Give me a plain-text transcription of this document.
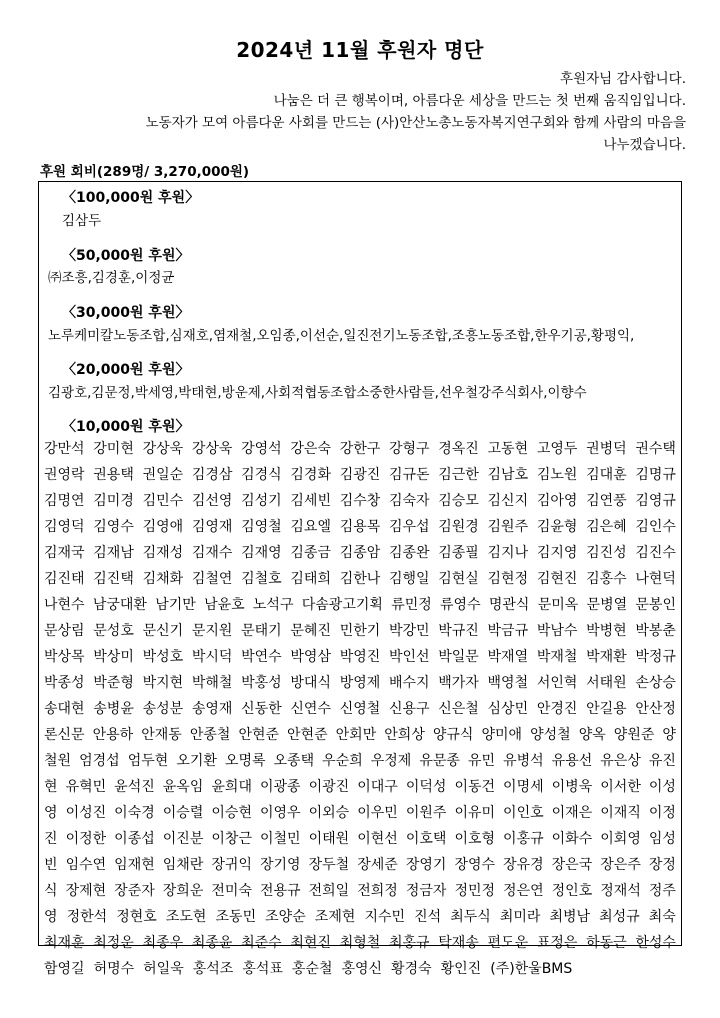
2024년 11월 후원자 명단
후원자님 감사합니다.
나눔은 더 큰 행복이며, 아름다운 세상을 만드는 첫 번째 움직임입니다.
노동자가 모여 아름다운 사회를 만드는 (사)안산노총노동자복지연구회와 함께 사람의 마음을
나누겠습니다.
후원 회비(289명/ 3,270,000원)
〈100,000원 후원〉
김삼두
〈50,000원 후원〉
㈜조흥,김경훈,이정균
〈30,000원 후원〉
노루케미칼노동조합,심재호,염재철,오임종,이선순,일진전기노동조합,조흥노동조합,한우기공,황평익,
〈20,000원 후원〉
김광호,김문정,박세영,박태현,방운제,사회적협동조합소중한사람들,선우철강주식회사,이향수
〈10,000원 후원〉
강만석 강미현 강상욱 강상욱 강영석 강은숙 강한구 강형구 경옥진 고동현 고영두 권병덕 권수택
권영락 권용택 권일순 김경삼 김경식 김경화 김광진 김규돈 김근한 김남호 김노원 김대훈 김명규
김명연 김미경 김민수 김선영 김성기 김세빈 김수창 김숙자 김승모 김신지 김아영 김연풍 김영규
김영덕 김영수 김영애 김영재 김영철 김요엘 김용목 김우섭 김원경 김원주 김윤형 김은혜 김인수
김재국 김재남 김재성 김재수 김재영 김종금 김종암 김종완 김종필 김지나 김지영 김진성 김진수
김진태 김진택 김채화 김철연 김철호 김태희 김한나 김행일 김현실 김현정 김현진 김홍수 나현덕
나현수 남궁대환 남기만 남윤호 노석구 다솜광고기획 류민정 류영수 명관식 문미옥 문병열 문봉인
문상림 문성호 문신기 문지원 문태기 문혜진 민한기 박강민 박규진 박금규 박남수 박병현 박봉춘
박상목 박상미 박성호 박시덕 박연수 박영삼 박영진 박인선 박일문 박재열 박재철 박재환 박정규
박종성 박준형 박지현 박해철 박홍성 방대식 방영제 배수지 백가자 백영철 서인혁 서태원 손상승
송대현 송병윤 송성분 송영재 신동한 신연수 신영철 신용구 신은철 심상민 안경진 안길용 안산정
론신문 안용하 안재동 안종철 안현준 안현준 안회만 안희상 양규식 양미애 양성철 양옥 양원준 양
철원 엄경섭 엄두현 오기환 오명록 오종택 우순희 우정제 유문종 유민 유병석 유용선 유은상 유진
현 유혁민 윤석진 윤옥임 윤희대 이광종 이광진 이대구 이덕성 이동건 이명세 이병욱 이서한 이성
영 이성진 이숙경 이승렬 이승현 이영우 이외승 이우민 이원주 이유미 이인호 이재은 이재직 이정
진 이정한 이종섭 이진분 이창근 이철민 이태원 이현선 이호택 이호형 이홍규 이화수 이회영 임성
빈 임수연 임재현 임채란 장귀익 장기영 장두철 장세준 장영기 장영수 장유경 장은국 장은주 장정
식 장제현 장준자 장희운 전미숙 전용규 전희일 전희정 정금자 정민정 정은연 정인호 정재석 정주
영 정한석 정현호 조도현 조동민 조양순 조제현 지수민 진석 최두식 최미라 최병남 최성규 최숙
최재훈 최정운 최종우 최종윤 최준수 최현진 최형철 최홍규 탁재송 편도운 표정은 하동근 한성수
함영길 허명수 허일욱 홍석조 홍석표 홍순철 홍영신 황경숙 황인진 (주)한울BMS
